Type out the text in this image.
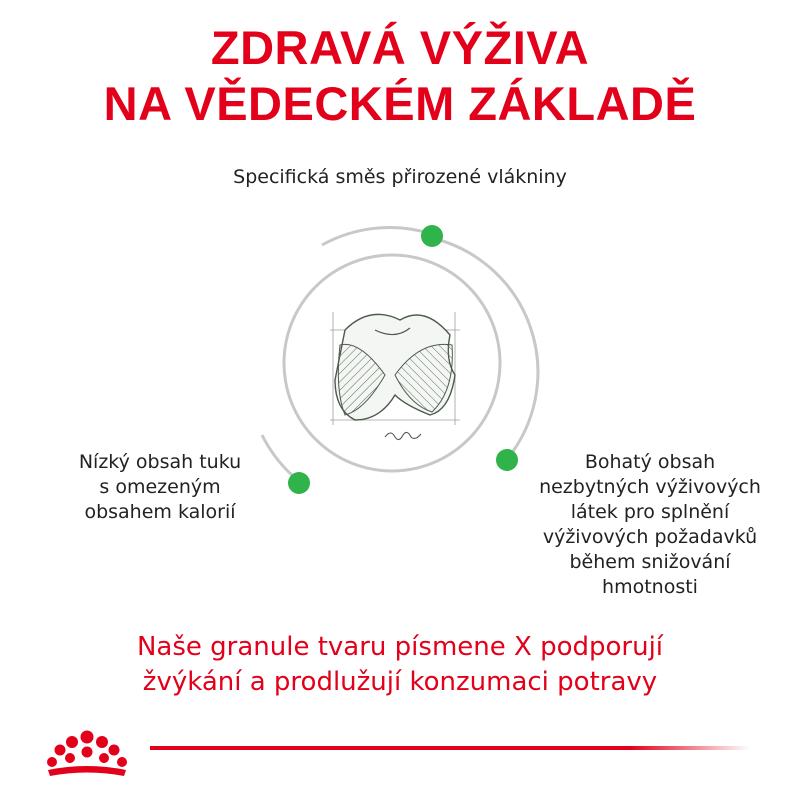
ZDRAVÁ VÝŽIVA
NA VĚDECKÉM ZÁKLADĚ
Specifická směs přirozené vlákniny
Nízký obsah tuku
s omezeným
obsahem kalorií
Bohatý obsah
nezbytných výživových
látek pro splnění
výživových požadavků
během snižování
hmotnosti
Naše granule tvaru písmene X podporují
žvýkání a prodlužují konzumaci potravy
